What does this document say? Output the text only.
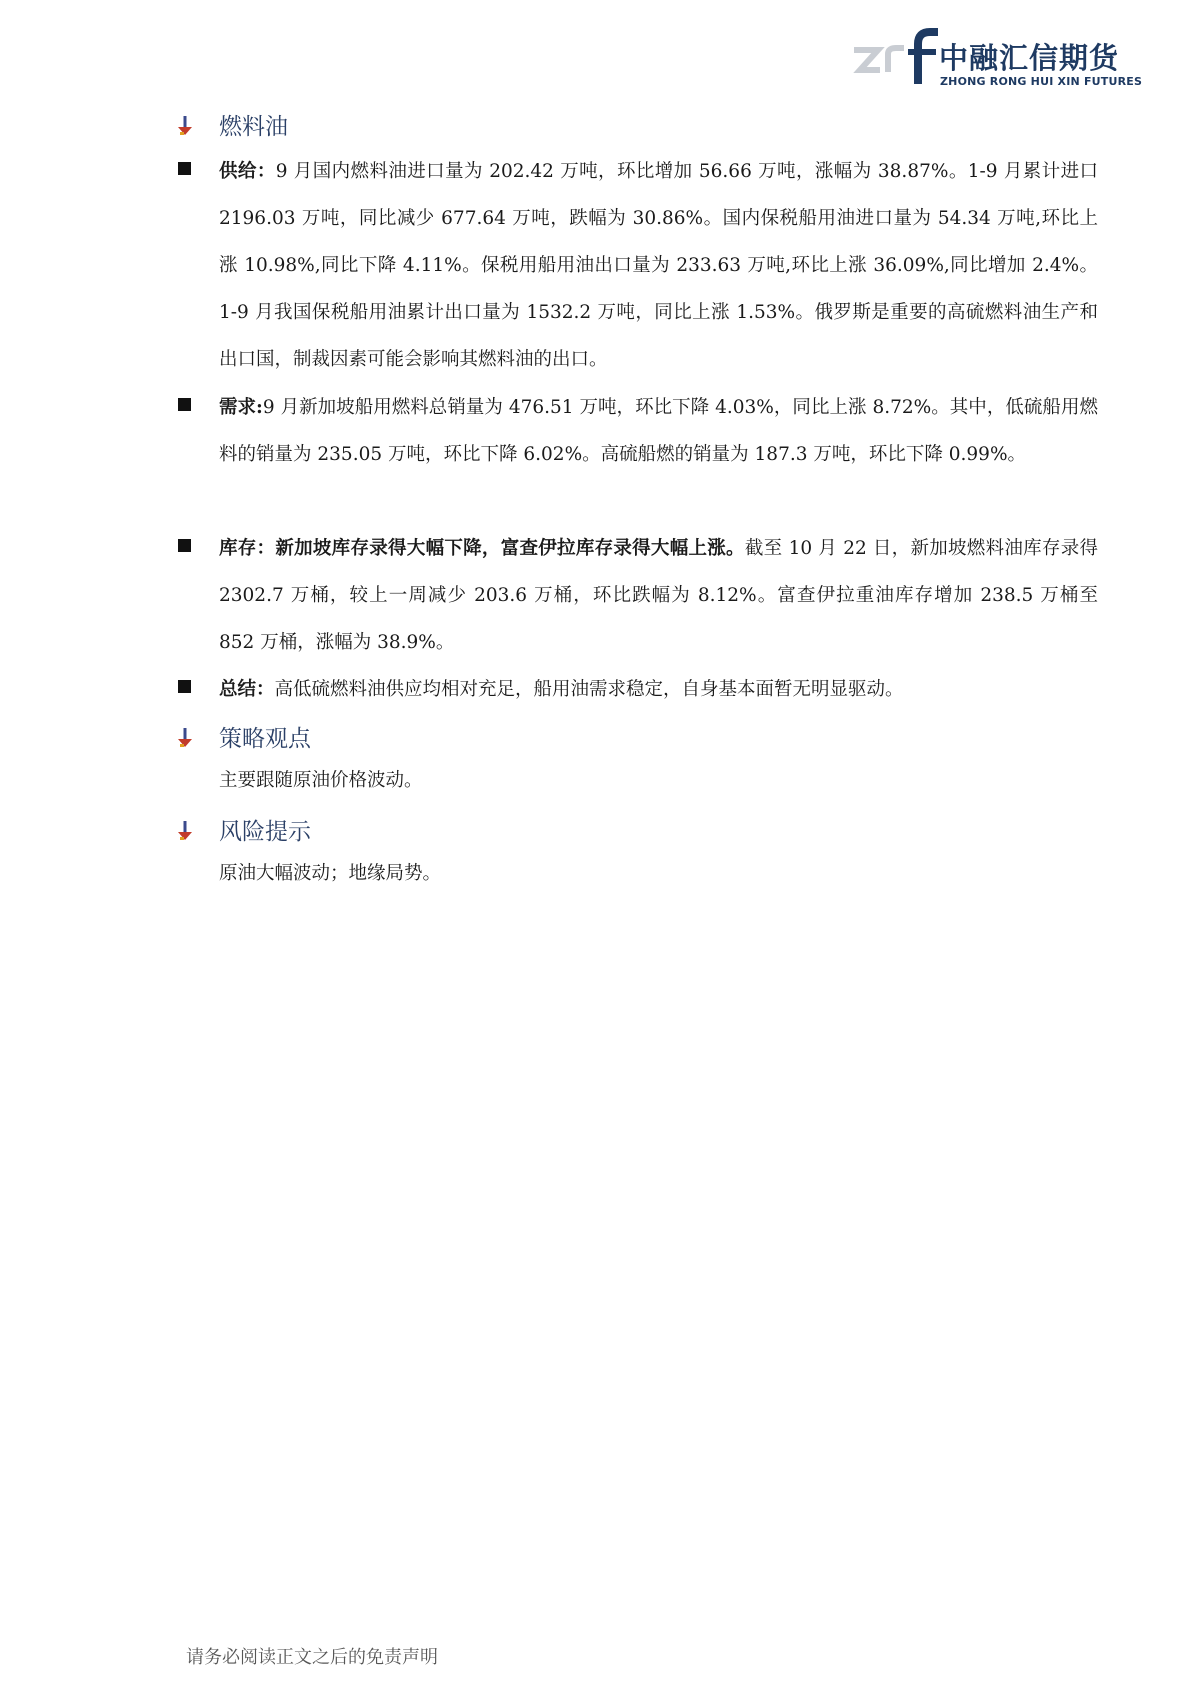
中融汇信期货
ZHONG RONG HUI XIN FUTURES
燃料油

供给：9 月国内燃料油进口量为 202.42 万吨，环比增加 56.66 万吨，涨幅为 38.87%。1-9 月累计进口 2196.03 万吨，同比减少 677.64 万吨，跌幅为 30.86%。国内保税船用油进口量为 54.34 万吨,环比上涨 10.98%,同比下降 4.11%。保税用船用油出口量为 233.63 万吨,环比上涨 36.09%,同比增加 2.4%。1-9 月我国保税船用油累计出口量为 1532.2 万吨，同比上涨 1.53%。俄罗斯是重要的高硫燃料油生产和出口国，制裁因素可能会影响其燃料油的出口。

需求:9 月新加坡船用燃料总销量为 476.51 万吨，环比下降 4.03%，同比上涨 8.72%。其中，低硫船用燃料的销量为 235.05 万吨，环比下降 6.02%。高硫船燃的销量为 187.3 万吨，环比下降 0.99%。

库存：新加坡库存录得大幅下降，富查伊拉库存录得大幅上涨。截至 10 月 22 日，新加坡燃料油库存录得 2302.7 万桶，较上一周减少 203.6 万桶，环比跌幅为 8.12%。富查伊拉重油库存增加 238.5 万桶至 852 万桶，涨幅为 38.9%。

总结：高低硫燃料油供应均相对充足，船用油需求稳定，自身基本面暂无明显驱动。

策略观点
主要跟随原油价格波动。
风险提示
原油大幅波动；地缘局势。
请务必阅读正文之后的免责声明
